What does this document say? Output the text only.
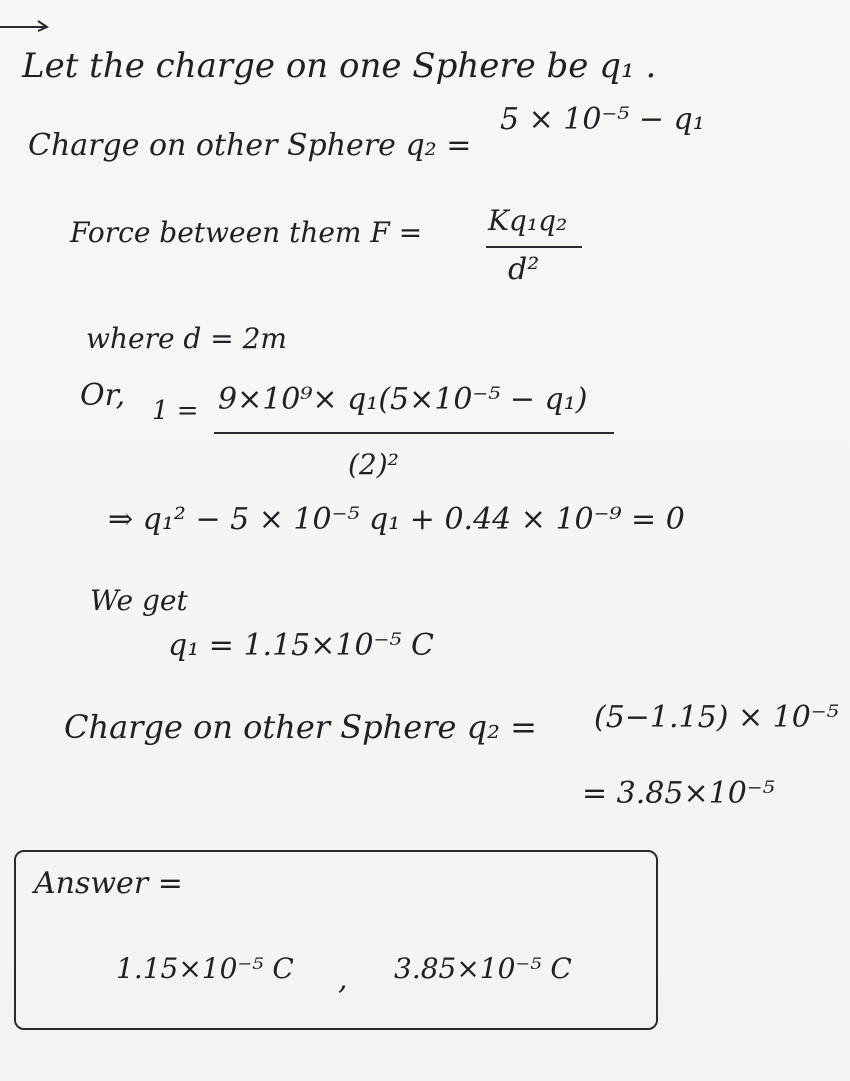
Let the charge on one Sphere be q₁ .
Charge on other Sphere q₂ =
5 × 10⁻⁵ − q₁
Force between them F = Kq₁q₂
d²
where d = 2m
Or, 1 = 9×10⁹× q₁(5×10⁻⁵ − q₁)
(2)²
⇒ q₁² − 5 × 10⁻⁵ q₁ + 0.44 × 10⁻⁹ = 0
We get
q₁ = 1.15×10⁻⁵ C
Charge on other Sphere q₂ = (5−1.15) × 10⁻⁵
= 3.85×10⁻⁵
Answer =
1.15×10⁻⁵ C , 3.85×10⁻⁵ C
